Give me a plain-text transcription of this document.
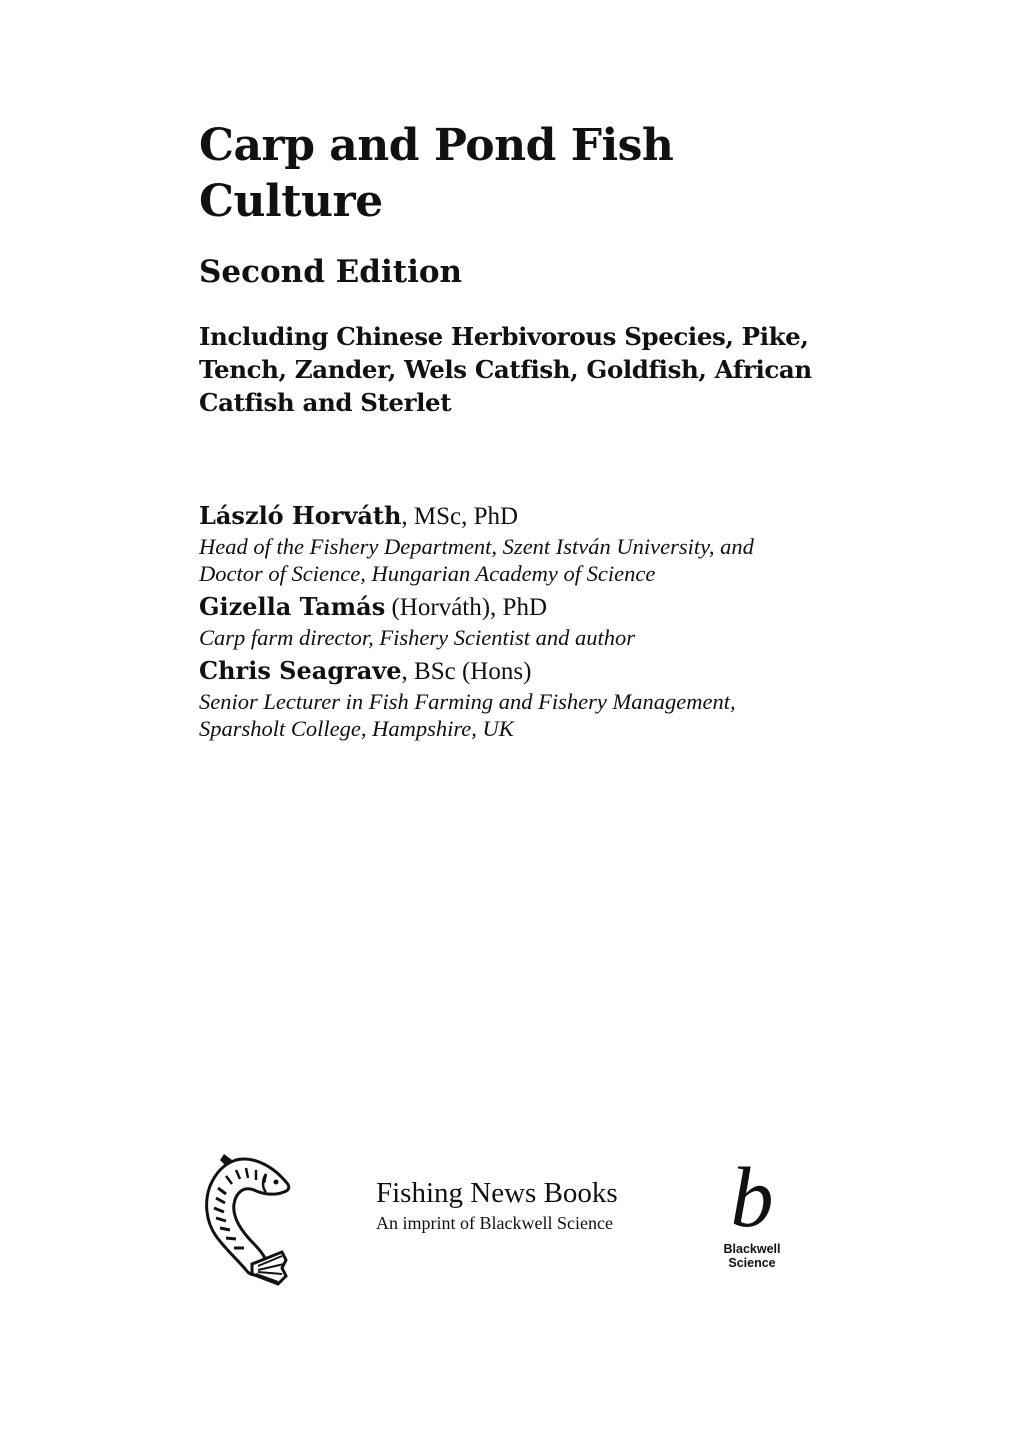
Carp and Pond Fish
Culture
Second Edition

Including Chinese Herbivorous Species, Pike,
Tench, Zander, Wels Catfish, Goldfish, African
Catfish and Sterlet

László Horváth, MSc, PhD
Head of the Fishery Department, Szent István University, and
Doctor of Science, Hungarian Academy of Science
Gizella Tamás (Horváth), PhD
Carp farm director, Fishery Scientist and author
Chris Seagrave, BSc (Hons)
Senior Lecturer in Fish Farming and Fishery Management,
Sparsholt College, Hampshire, UK
Fishing News Books
An imprint of Blackwell Science b
Blackwell
Science
